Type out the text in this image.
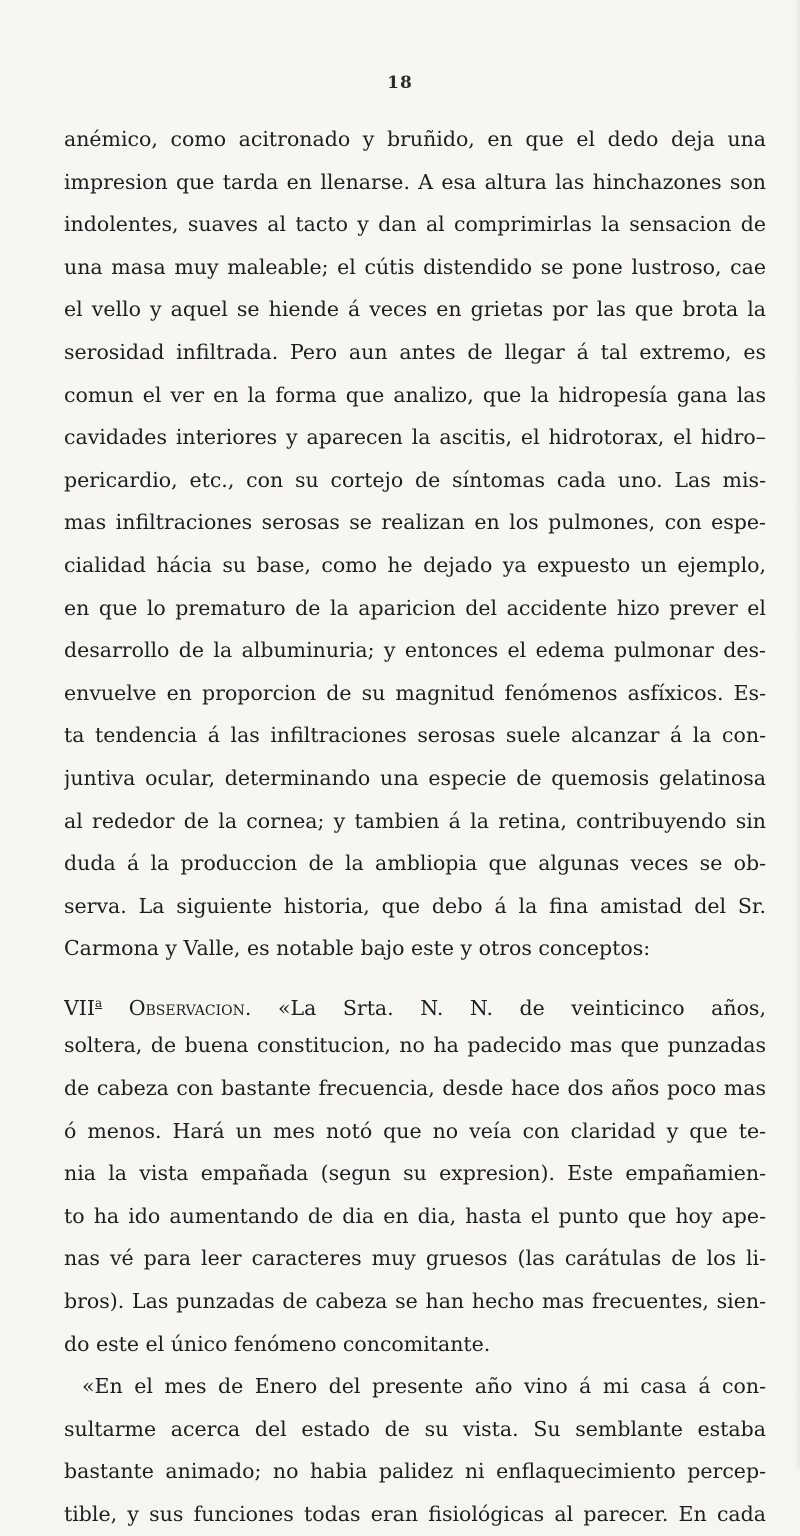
18
anémico, como acitronado y bruñido, en que el dedo deja una
impresion que tarda en llenarse. A esa altura las hinchazones son
indolentes, suaves al tacto y dan al comprimirlas la sensacion de
una masa muy maleable; el cútis distendido se pone lustroso, cae
el vello y aquel se hiende á veces en grietas por las que brota la
serosidad infiltrada. Pero aun antes de llegar á tal extremo, es
comun el ver en la forma que analizo, que la hidropesía gana las
cavidades interiores y aparecen la ascitis, el hidrotorax, el hidro–
pericardio, etc., con su cortejo de síntomas cada uno. Las mis-
mas infiltraciones serosas se realizan en los pulmones, con espe-
cialidad hácia su base, como he dejado ya expuesto un ejemplo,
en que lo prematuro de la aparicion del accidente hizo prever el
desarrollo de la albuminuria; y entonces el edema pulmonar des-
envuelve en proporcion de su magnitud fenómenos asfíxicos. Es-
ta tendencia á las infiltraciones serosas suele alcanzar á la con-
juntiva ocular, determinando una especie de quemosis gelatinosa
al rededor de la cornea; y tambien á la retina, contribuyendo sin
duda á la produccion de la ambliopia que algunas veces se ob-
serva. La siguiente historia, que debo á la fina amistad del Sr.
Carmona y Valle, es notable bajo este y otros conceptos:
VII$^a$ Observacion. «La Srta. N. N. de veinticinco años,
soltera, de buena constitucion, no ha padecido mas que punzadas
de cabeza con bastante frecuencia, desde hace dos años poco mas
ó menos. Hará un mes notó que no veía con claridad y que te-
nia la vista empañada (segun su expresion). Este empañamien-
to ha ido aumentando de dia en dia, hasta el punto que hoy ape-
nas vé para leer caracteres muy gruesos (las carátulas de los li-
bros). Las punzadas de cabeza se han hecho mas frecuentes, sien-
do este el único fenómeno concomitante.
«En el mes de Enero del presente año vino á mi casa á con-
sultarme acerca del estado de su vista. Su semblante estaba
bastante animado; no habia palidez ni enflaquecimiento percep-
tible, y sus funciones todas eran fisiológicas al parecer. En cada
